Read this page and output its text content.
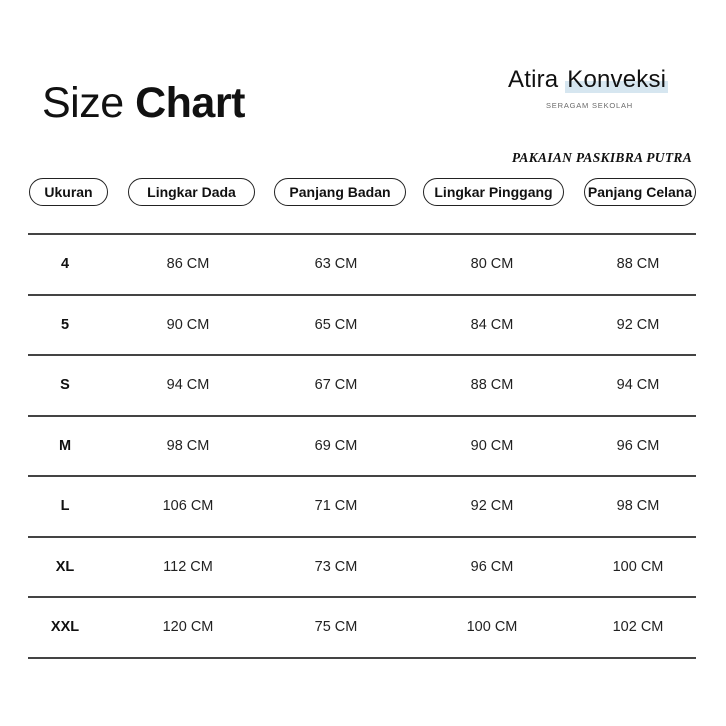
Size Chart	Atira Konveksi
SERAGAM SEKOLAH
PAKAIAN PASKIBRA PUTRA
Ukuran	Lingkar Dada	Panjang Badan	Lingkar Pinggang	Panjang Celana
4	86 CM	63 CM	80 CM	88 CM
5	90 CM	65 CM	84 CM	92 CM
S	94 CM	67 CM	88 CM	94 CM
M	98 CM	69 CM	90 CM	96 CM
L	106 CM	71 CM	92 CM	98 CM
XL	112 CM	73 CM	96 CM	100 CM
XXL	120 CM	75 CM	100 CM	102 CM
